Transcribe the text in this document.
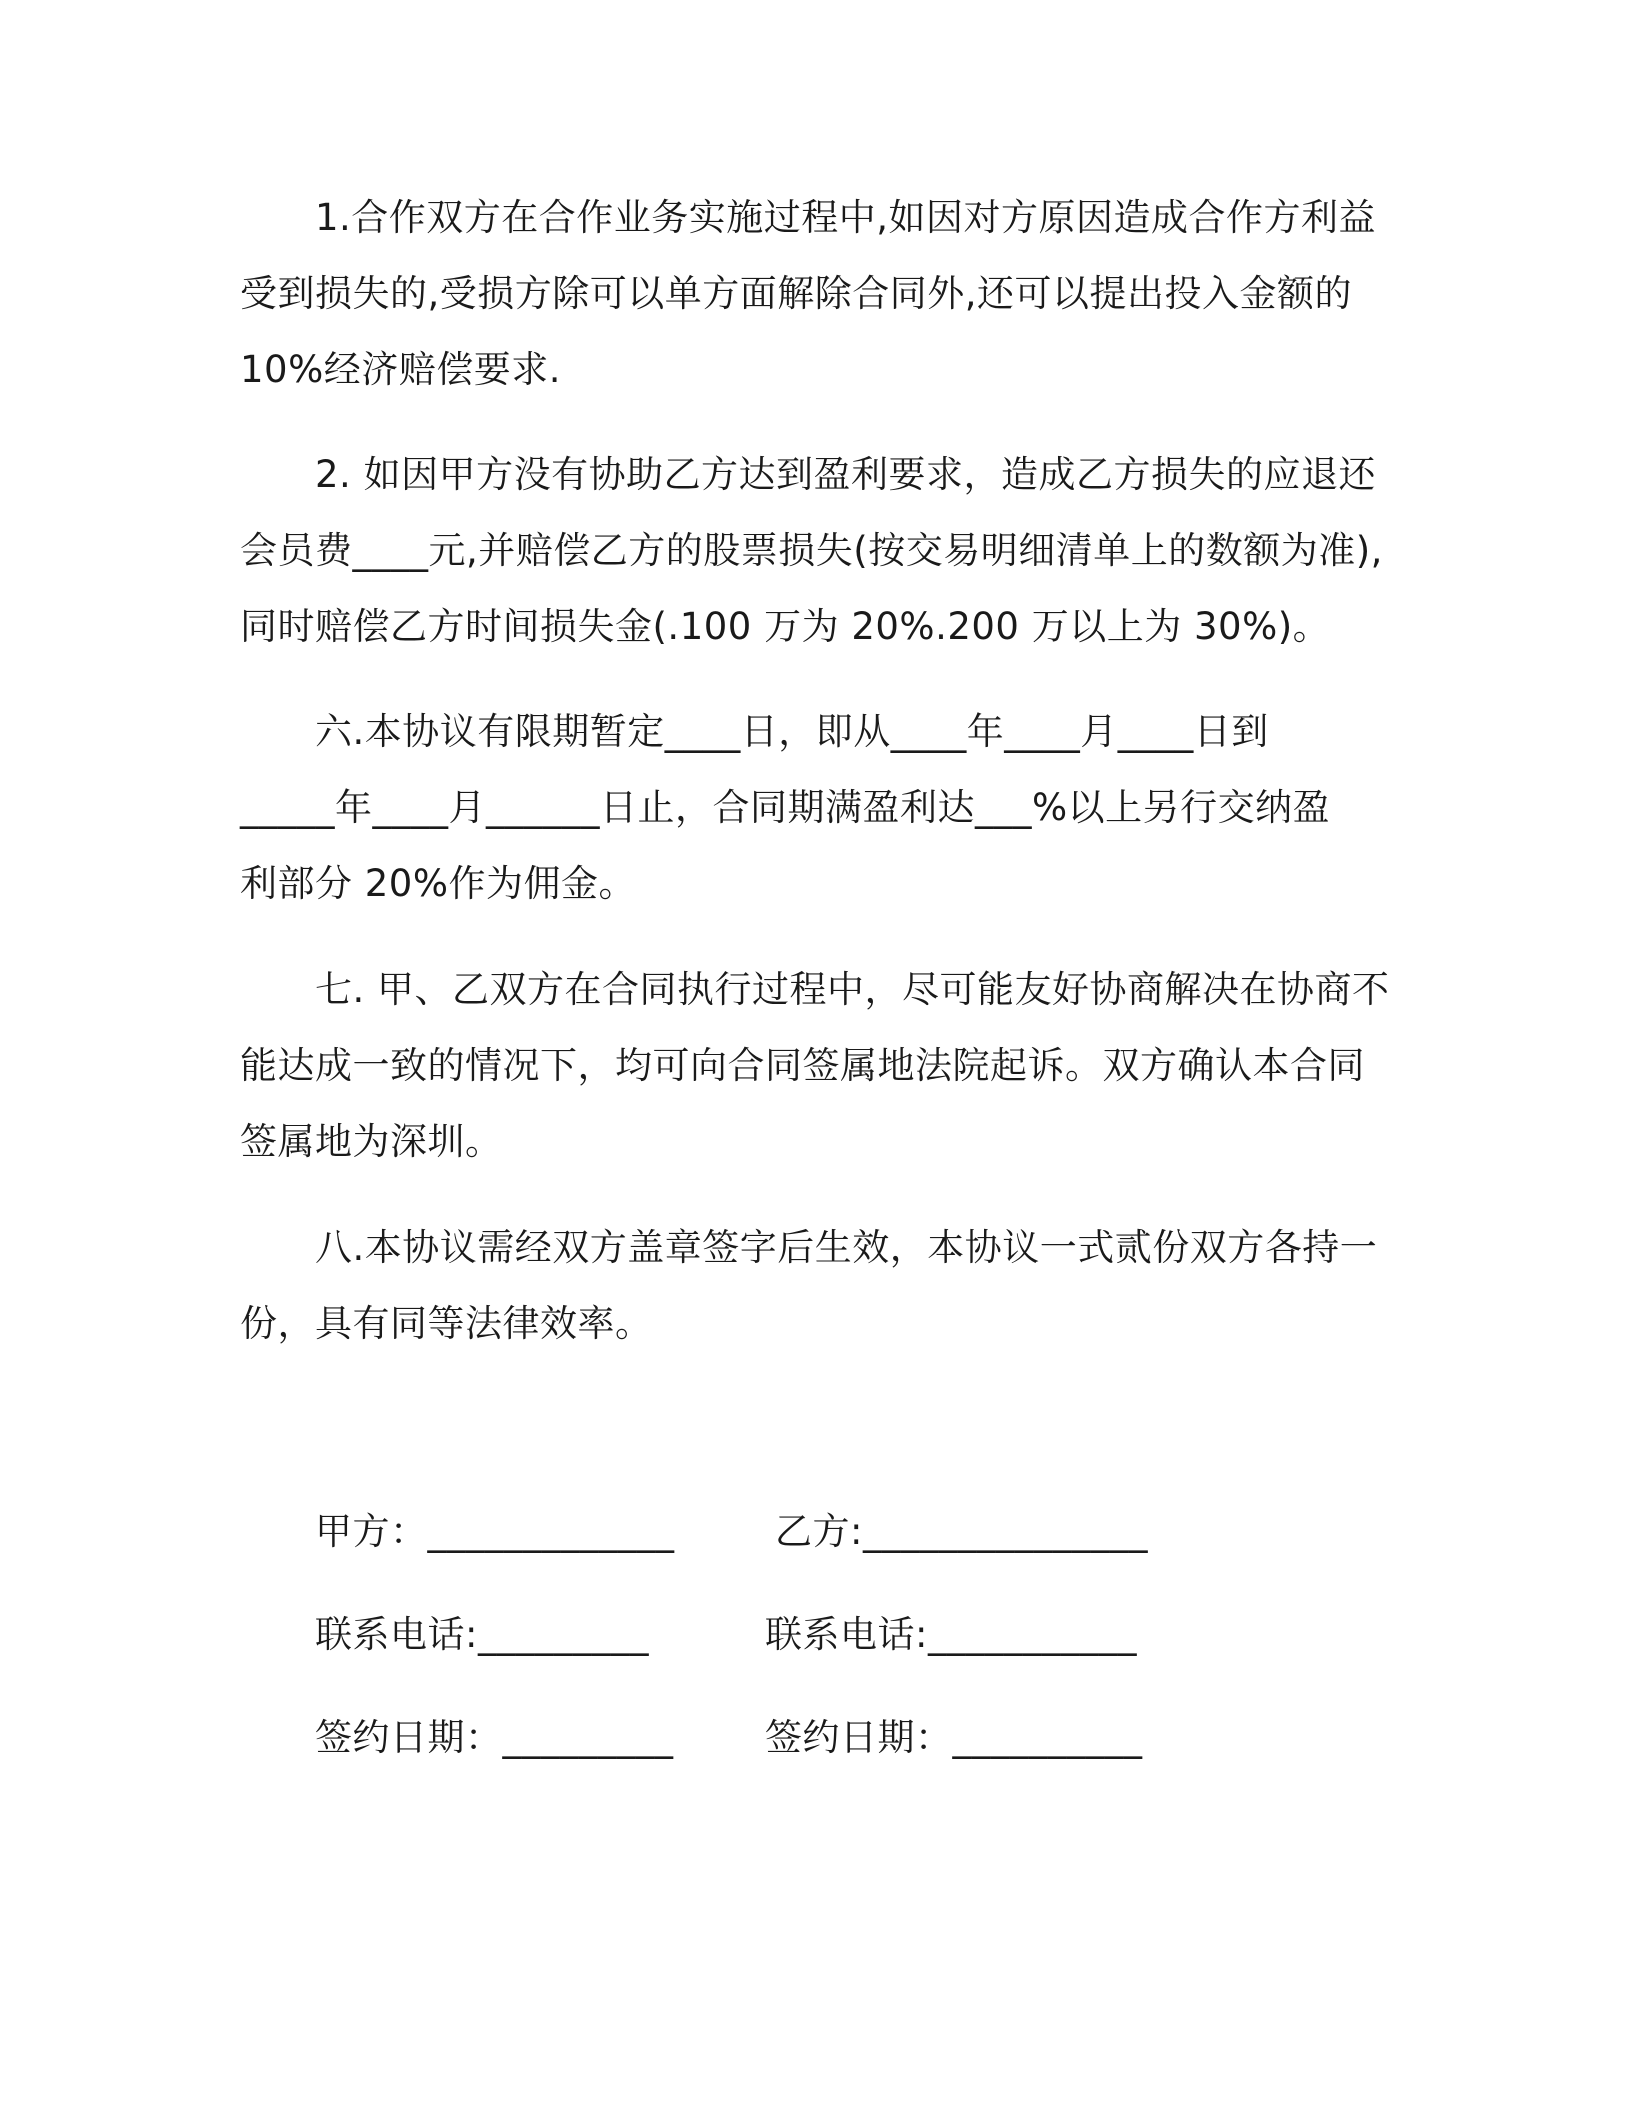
1.合作双方在合作业务实施过程中,如因对方原因造成合作方利益
受到损失的,受损方除可以单方面解除合同外,还可以提出投入金额的
10%经济赔偿要求.
2. 如因甲方没有协助乙方达到盈利要求，造成乙方损失的应退还
会员费____元,并赔偿乙方的股票损失(按交易明细清单上的数额为准),
同时赔偿乙方时间损失金(.100 万为 20%.200 万以上为 30%)。
六.本协议有限期暂定____日，即从____年____月____日到
_____年____月______日止，合同期满盈利达___%以上另行交纳盈
利部分 20%作为佣金。
七. 甲、乙双方在合同执行过程中，尽可能友好协商解决在协商不
能达成一致的情况下，均可向合同签属地法院起诉。双方确认本合同
签属地为深圳。
八.本协议需经双方盖章签字后生效，本协议一式贰份双方各持一
份，具有同等法律效率。
甲方：_____________	乙方:_______________
联系电话:_________	联系电话:___________
签约日期：_________ 签约日期：__________
